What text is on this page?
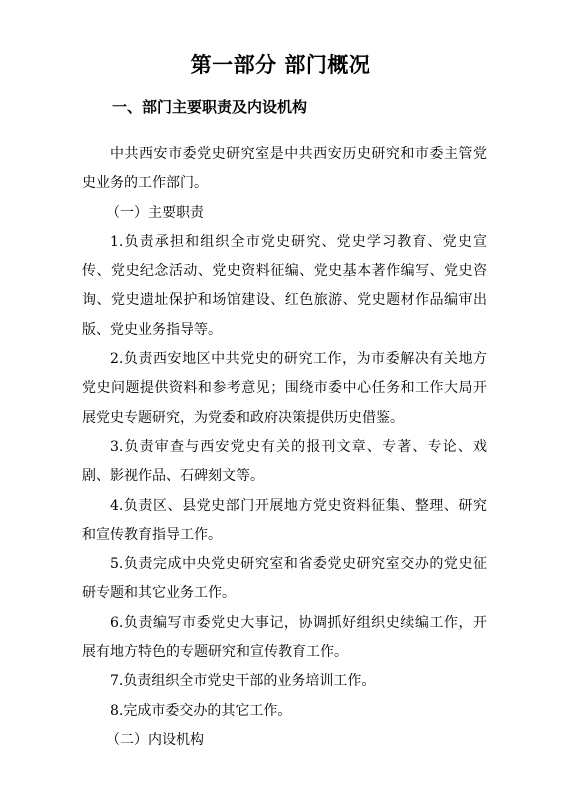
第一部分 部门概况
一、部门主要职责及内设机构

中共西安市委党史研究室是中共西安历史研究和市委主管党史业务的工作部门。

（一）主要职责

1.负责承担和组织全市党史研究、党史学习教育、党史宣传、党史纪念活动、党史资料征编、党史基本著作编写、党史咨询、党史遗址保护和场馆建设、红色旅游、党史题材作品编审出版、党史业务指导等。

2.负责西安地区中共党史的研究工作，为市委解决有关地方党史问题提供资料和参考意见；围绕市委中心任务和工作大局开展党史专题研究，为党委和政府决策提供历史借鉴。

3.负责审查与西安党史有关的报刊文章、专著、专论、戏剧、影视作品、石碑刻文等。

4.负责区、县党史部门开展地方党史资料征集、整理、研究和宣传教育指导工作。

5.负责完成中央党史研究室和省委党史研究室交办的党史征研专题和其它业务工作。

6.负责编写市委党史大事记，协调抓好组织史续编工作，开展有地方特色的专题研究和宣传教育工作。

7.负责组织全市党史干部的业务培训工作。

8.完成市委交办的其它工作。

（二）内设机构
